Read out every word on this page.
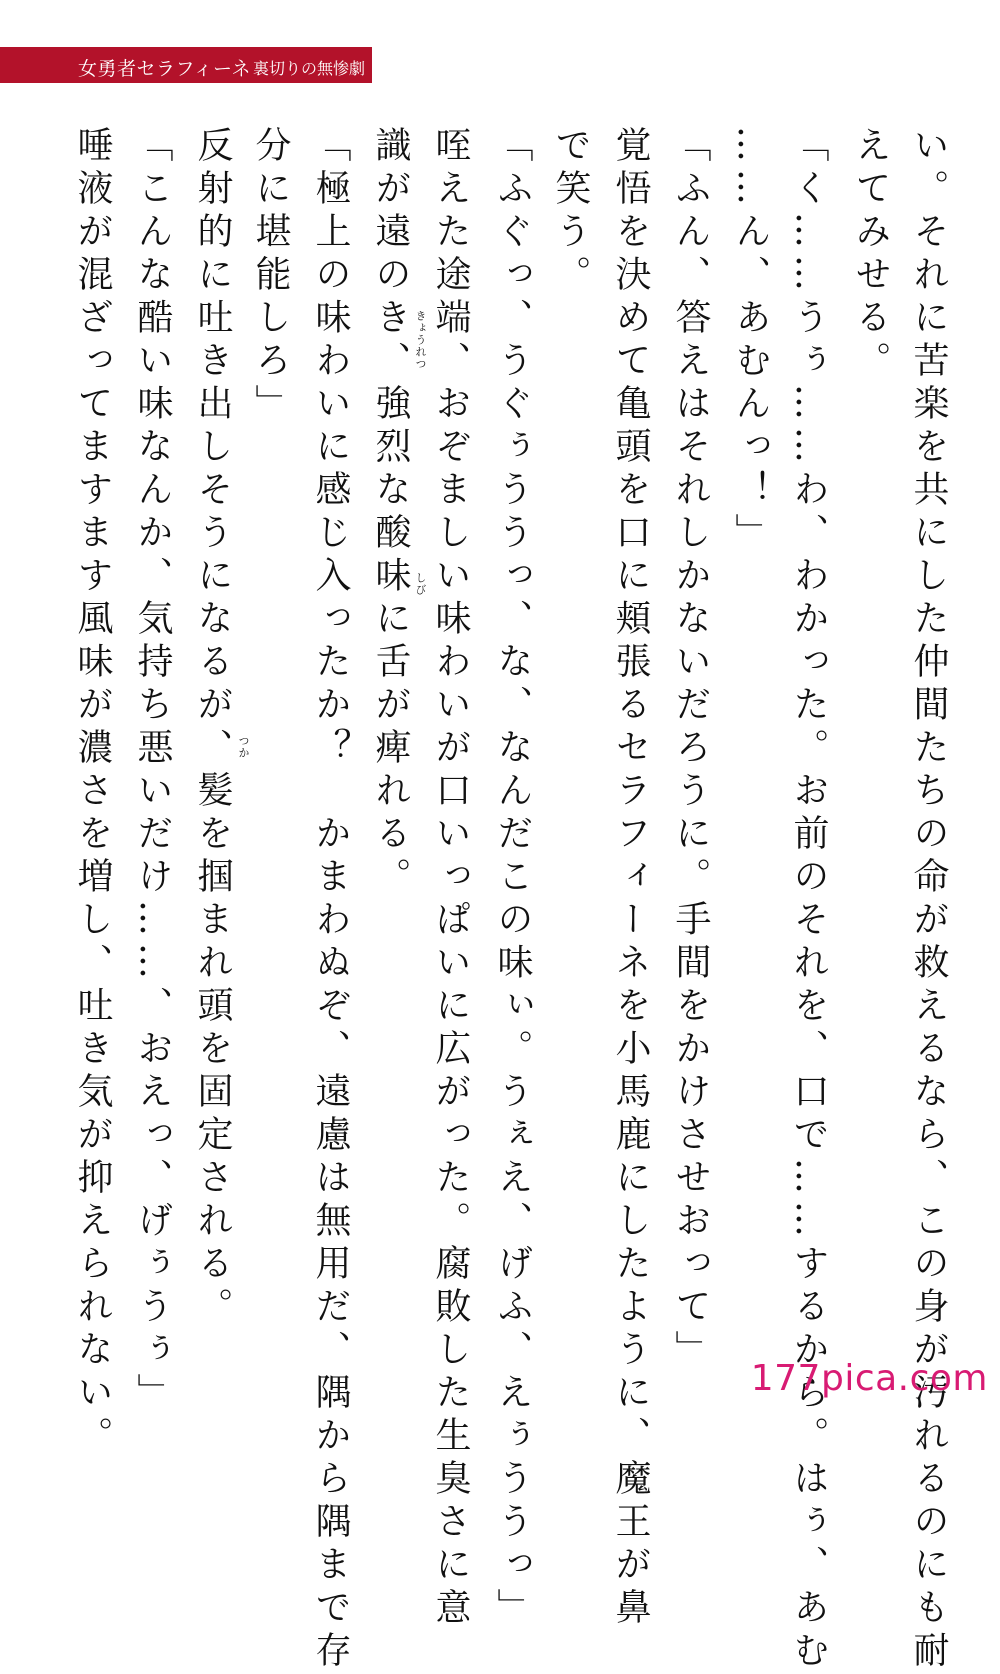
女勇者セラフィーネ 裏切りの無惨劇
い。それに苦楽を共にした仲間たちの命が救えるなら、この身が汚れるのにも耐
えてみせる。
「く……うぅ……わ、わかった。お前のそれを、口で……するから。はぅ、あむ
……ん、あむんっ！」
「ふん、答えはそれしかないだろうに。手間をかけさせおって」
覚悟を決めて亀頭を口に頬張るセラフィーネを小馬鹿にしたように、魔王が鼻
で笑う。
「ふぐっ、うぐぅううっ、な、なんだこの味ぃ。うぇえ、げふ、えぅううっ」
咥えた途端、おぞましい味わいが口いっぱいに広がった。腐敗した生臭さに意
識が遠のき、強烈な酸味に舌が痺れる。
「極上の味わいに感じ入ったか？　かまわぬぞ、遠慮は無用だ、隅から隅まで存
分に堪能しろ」
反射的に吐き出しそうになるが、髪を掴まれ頭を固定される。
「こんな酷い味なんか、気持ち悪いだけ……、おえっ、げぅうぅ」
唾液が混ざってますます風味が濃さを増し、吐き気が抑えられない。	きょうれつ
しび
つか
177pica.com
